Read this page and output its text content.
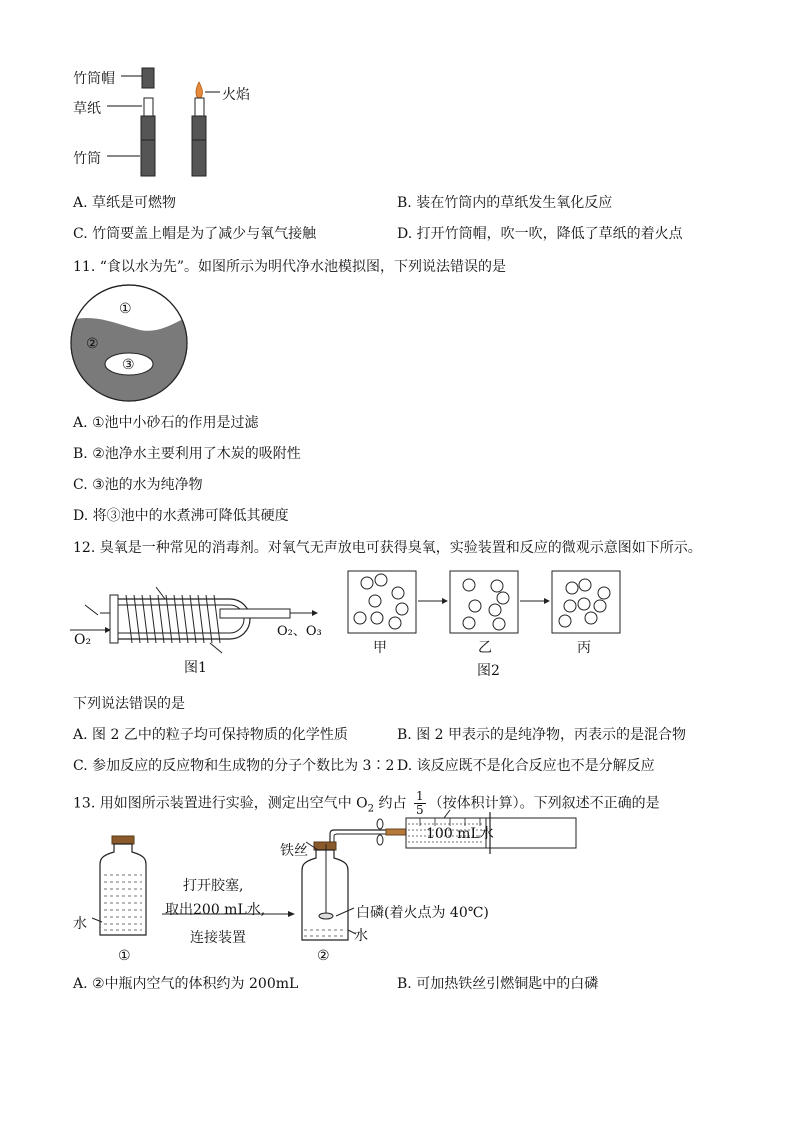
竹筒帽
草纸
竹筒
火焰
A. 草纸是可燃物	B. 装在竹筒内的草纸发生氧化反应
C. 竹筒要盖上帽是为了减少与氧气接触	D. 打开竹筒帽，吹一吹，降低了草纸的着火点
11. “食以水为先”。如图所示为明代净水池模拟图，下列说法错误的是
①
②
③
A. ①池中小砂石的作用是过滤
B. ②池净水主要利用了木炭的吸附性
C. ③池的水为纯净物
D. 将③池中的水煮沸可降低其硬度
12. 臭氧是一种常见的消毒剂。对氧气无声放电可获得臭氧，实验装置和反应的微观示意图如下所示。
O₂
O₂、O₃
图1
甲	乙	丙
图2
下列说法错误的是
A. 图 2 乙中的粒子均可保持物质的化学性质	B. 图 2 甲表示的是纯净物，丙表示的是混合物
C. 参加反应的反应物和生成物的分子个数比为 3∶2 D. 该反应既不是化合反应也不是分解反应
13. 用如图所示装置进行实验，测定出空气中 $O_2$ 约占 $\frac{1}{5}$ （按体积计算）。下列叙述不正确的是
100 mL水
铁丝
打开胶塞,
取出200 mL水,
连接装置
水
白磷(着火点为 40℃)
水
①	②
A. ②中瓶内空气的体积约为 200mL	B. 可加热铁丝引燃铜匙中的白磷
